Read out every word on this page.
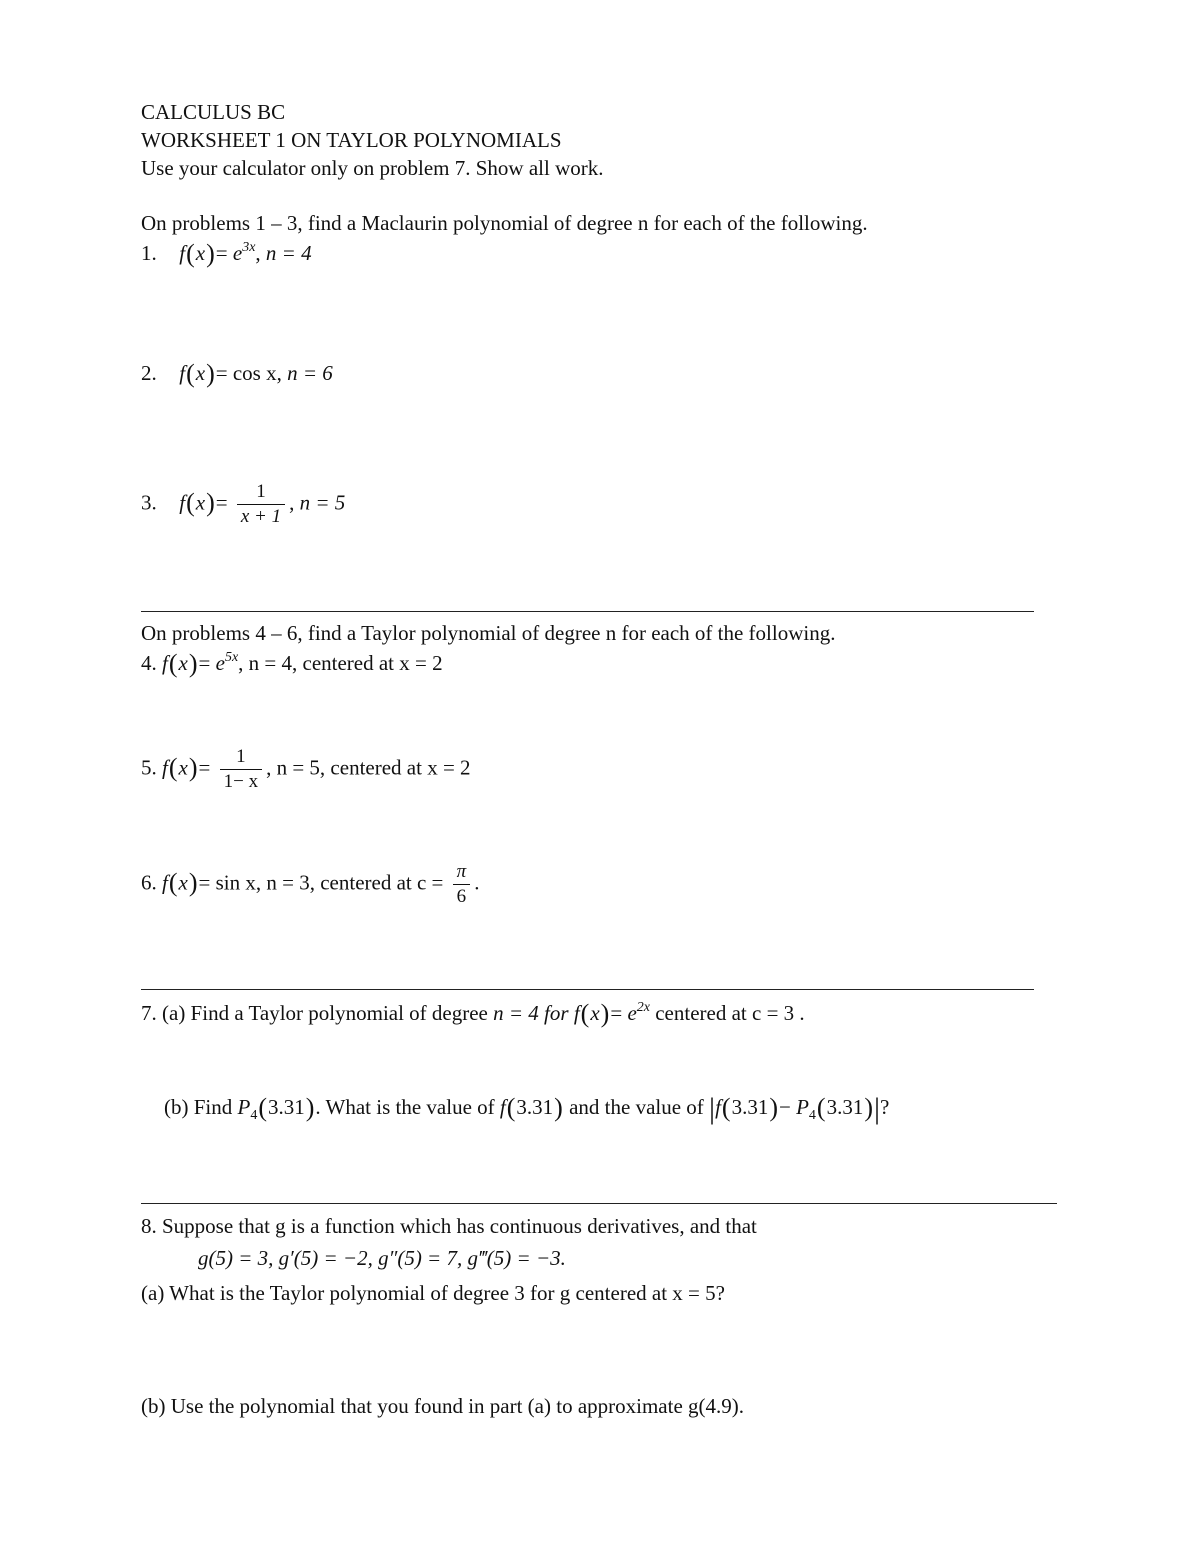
CALCULUS BC
WORKSHEET 1 ON TAYLOR POLYNOMIALS
Use your calculator only on problem 7. Show all work.
On problems 1 – 3, find a Maclaurin polynomial of degree n for each of the following.
1. $f(x)= e^{3x}$, n = 4
2. f(x)= cos x, n = 6
3. $f(x)= \frac{1}{x + 1}$ , n = 5
On problems 4 – 6, find a Taylor polynomial of degree n for each of the following.
4. $f(x)= e^{5x}$, n = 4, centered at x = 2
5. $f(x)= \frac{1}{1- x}$ , n = 5, centered at x = 2
6. f(x)= sin x, n = 3, centered at $c = \frac{\pi}{6}$ .
7. (a) Find a Taylor polynomial of degree n = 4 for $f(x)= e^{2x}$ centered at c = 3 .
(b) Find $P_4(3.31)$. What is the value of f(3.31) and the value of $|f(3.31)- P_4(3.31)|$?
8. Suppose that g is a function which has continuous derivatives, and that
g(5) = 3, g′(5) = −2, g″(5) = 7, g‴(5) = −3.
(a) What is the Taylor polynomial of degree 3 for g centered at x = 5?
(b) Use the polynomial that you found in part (a) to approximate g(4.9).
